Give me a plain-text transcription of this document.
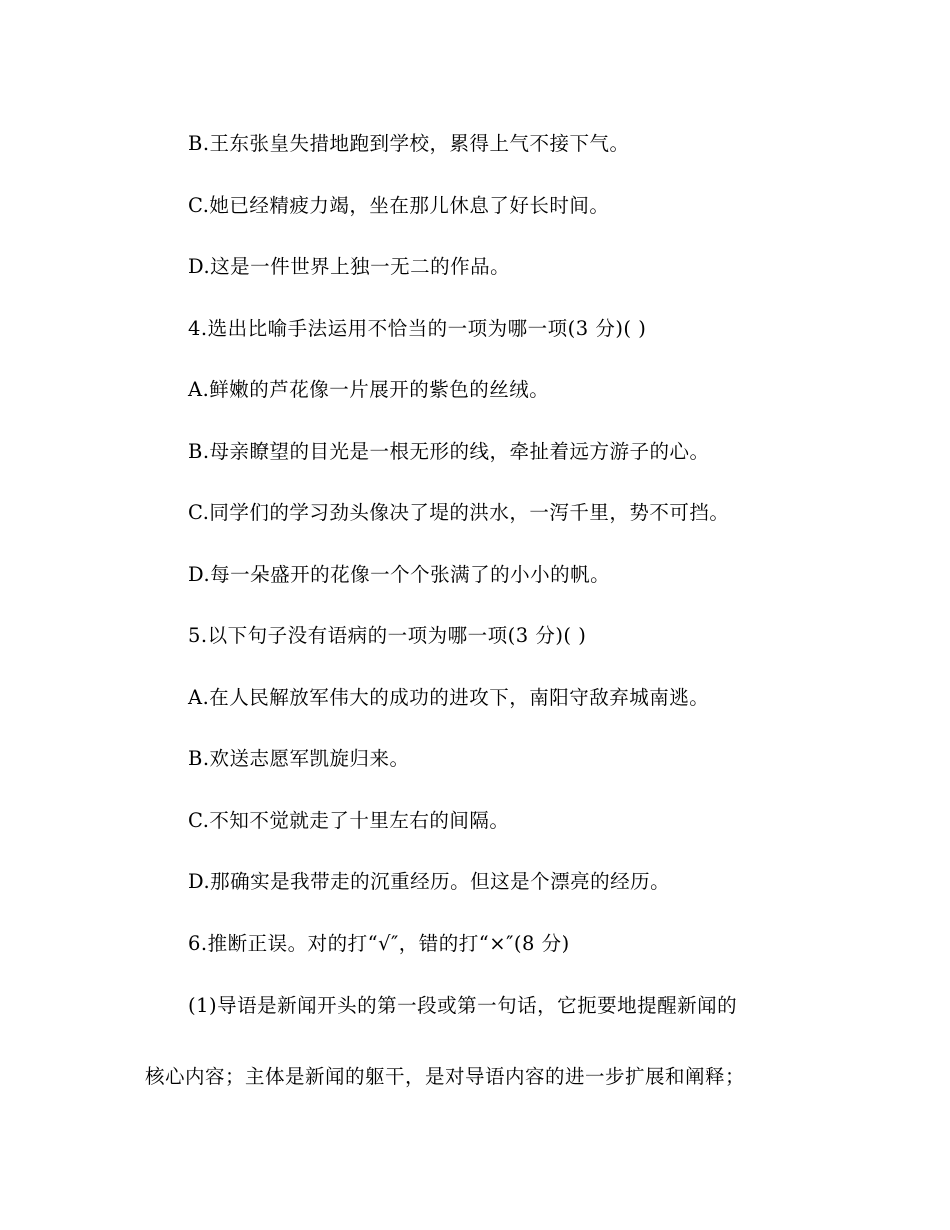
B.王东张皇失措地跑到学校，累得上气不接下气。
C.她已经精疲力竭，坐在那儿休息了好长时间。
D.这是一件世界上独一无二的作品。
4.选出比喻手法运用不恰当的一项为哪一项(3 分)( )
A.鲜嫩的芦花像一片展开的紫色的丝绒。
B.母亲瞭望的目光是一根无形的线，牵扯着远方游子的心。
C.同学们的学习劲头像决了堤的洪水，一泻千里，势不可挡。
D.每一朵盛开的花像一个个张满了的小小的帆。
5.以下句子没有语病的一项为哪一项(3 分)( )
A.在人民解放军伟大的成功的进攻下，南阳守敌弃城南逃。
B.欢送志愿军凯旋归来。
C.不知不觉就走了十里左右的间隔。
D.那确实是我带走的沉重经历。但这是个漂亮的经历。
6.推断正误。对的打“√″，错的打“×″(8 分)
(1)导语是新闻开头的第一段或第一句话，它扼要地提醒新闻的
核心内容；主体是新闻的躯干，是对导语内容的进一步扩展和阐释；
